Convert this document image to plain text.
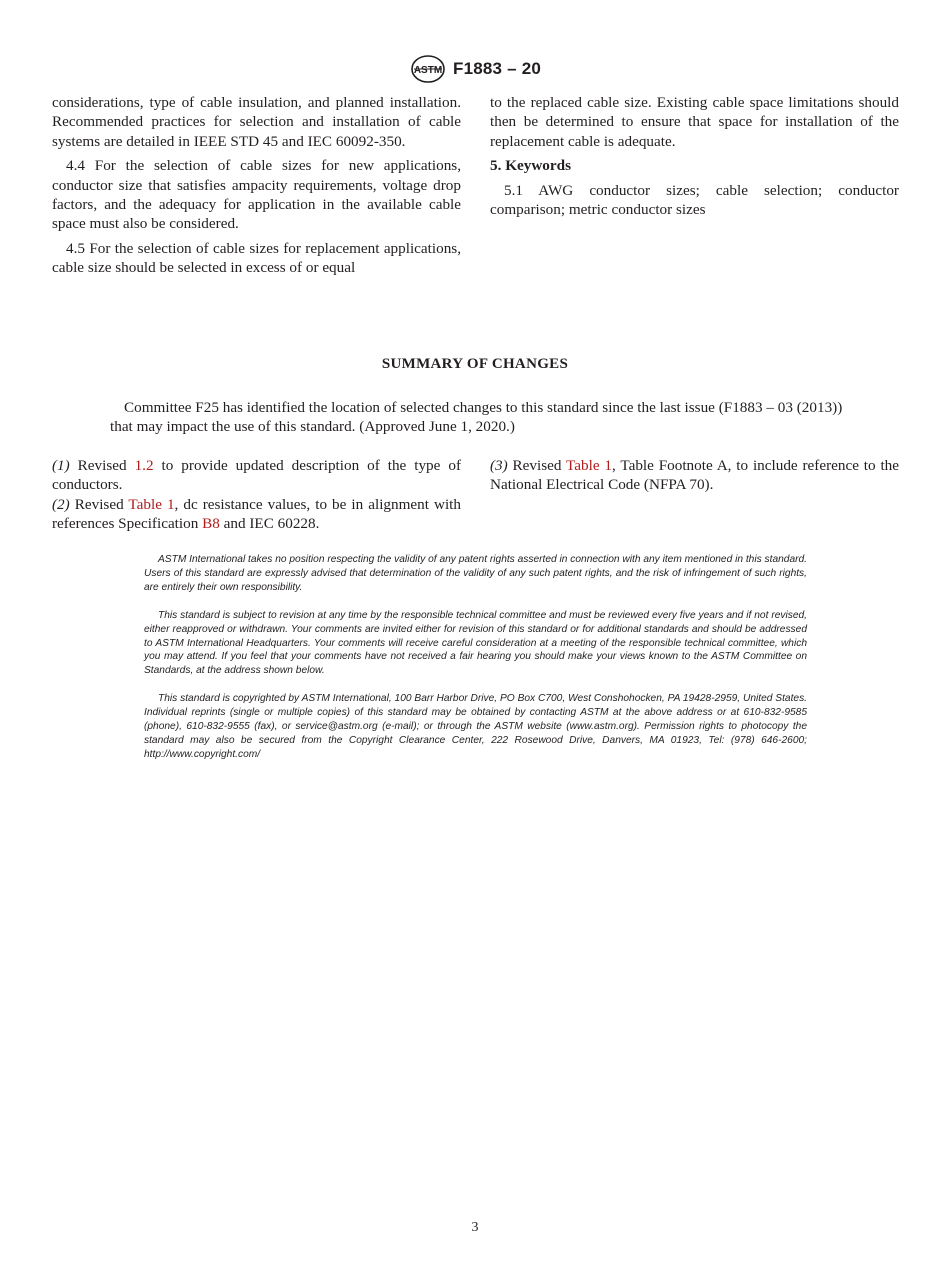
ASTM F1883 – 20

considerations, type of cable insulation, and planned installation. Recommended practices for selection and installation of cable systems are detailed in IEEE STD 45 and IEC 60092-350.

4.4 For the selection of cable sizes for new applications, conductor size that satisfies ampacity requirements, voltage drop factors, and the adequacy for application in the available cable space must also be considered.

4.5 For the selection of cable sizes for replacement applications, cable size should be selected in excess of or equal

to the replaced cable size. Existing cable space limitations should then be determined to ensure that space for installation of the replacement cable is adequate.

5. Keywords

5.1 AWG conductor sizes; cable selection; conductor comparison; metric conductor sizes

SUMMARY OF CHANGES
Committee F25 has identified the location of selected changes to this standard since the last issue (F1883 – 03 (2013)) that may impact the use of this standard. (Approved June 1, 2020.)

(1) Revised 1.2 to provide updated description of the type of conductors.

(2) Revised Table 1, dc resistance values, to be in alignment with references Specification B8 and IEC 60228.

(3) Revised Table 1, Table Footnote A, to include reference to the National Electrical Code (NFPA 70).

ASTM International takes no position respecting the validity of any patent rights asserted in connection with any item mentioned in this standard. Users of this standard are expressly advised that determination of the validity of any such patent rights, and the risk of infringement of such rights, are entirely their own responsibility.

This standard is subject to revision at any time by the responsible technical committee and must be reviewed every five years and if not revised, either reapproved or withdrawn. Your comments are invited either for revision of this standard or for additional standards and should be addressed to ASTM International Headquarters. Your comments will receive careful consideration at a meeting of the responsible technical committee, which you may attend. If you feel that your comments have not received a fair hearing you should make your views known to the ASTM Committee on Standards, at the address shown below.

This standard is copyrighted by ASTM International, 100 Barr Harbor Drive, PO Box C700, West Conshohocken, PA 19428-2959, United States. Individual reprints (single or multiple copies) of this standard may be obtained by contacting ASTM at the above address or at 610-832-9585 (phone), 610-832-9555 (fax), or service@astm.org (e-mail); or through the ASTM website (www.astm.org). Permission rights to photocopy the standard may also be secured from the Copyright Clearance Center, 222 Rosewood Drive, Danvers, MA 01923, Tel: (978) 646-2600; http://www.copyright.com/

3
